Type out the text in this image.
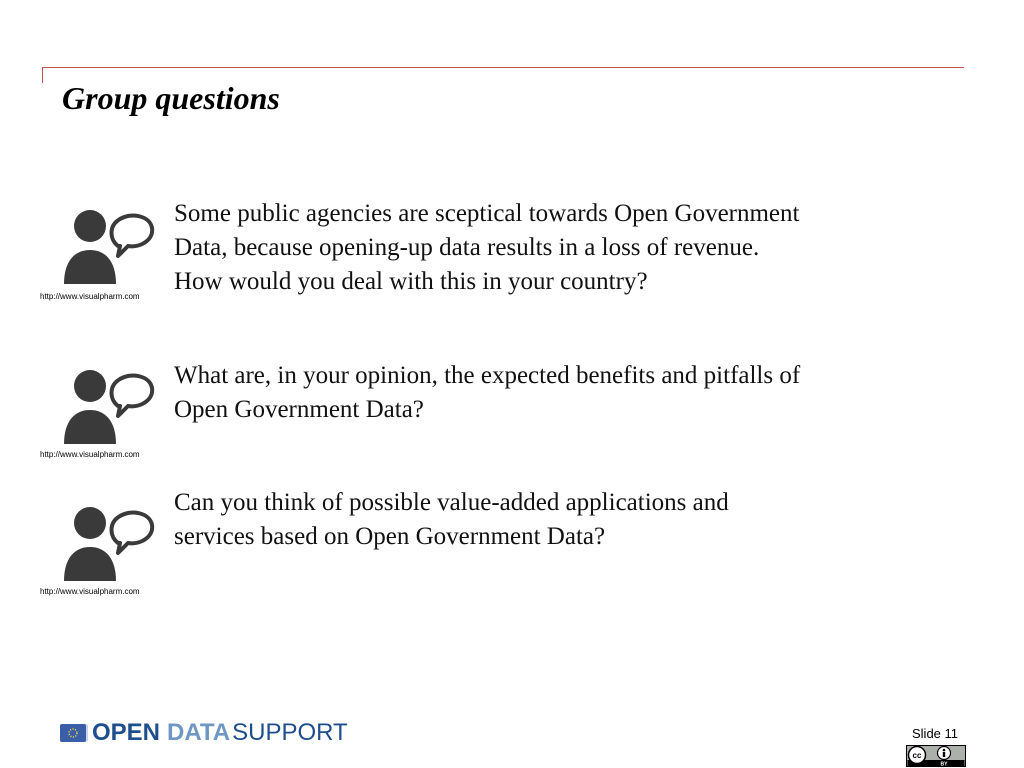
Group questions
http://www.visualpharm.com
Some public agencies are sceptical towards Open Government
Data, because opening-up data results in a loss of revenue.
How would you deal with this in your country?
http://www.visualpharm.com
What are, in your opinion, the expected benefits and pitfalls of
Open Government Data?
http://www.visualpharm.com
Can you think of possible value-added applications and
services based on Open Government Data?
OPEN DATASUPPORT	Slide 11
cc
BY
